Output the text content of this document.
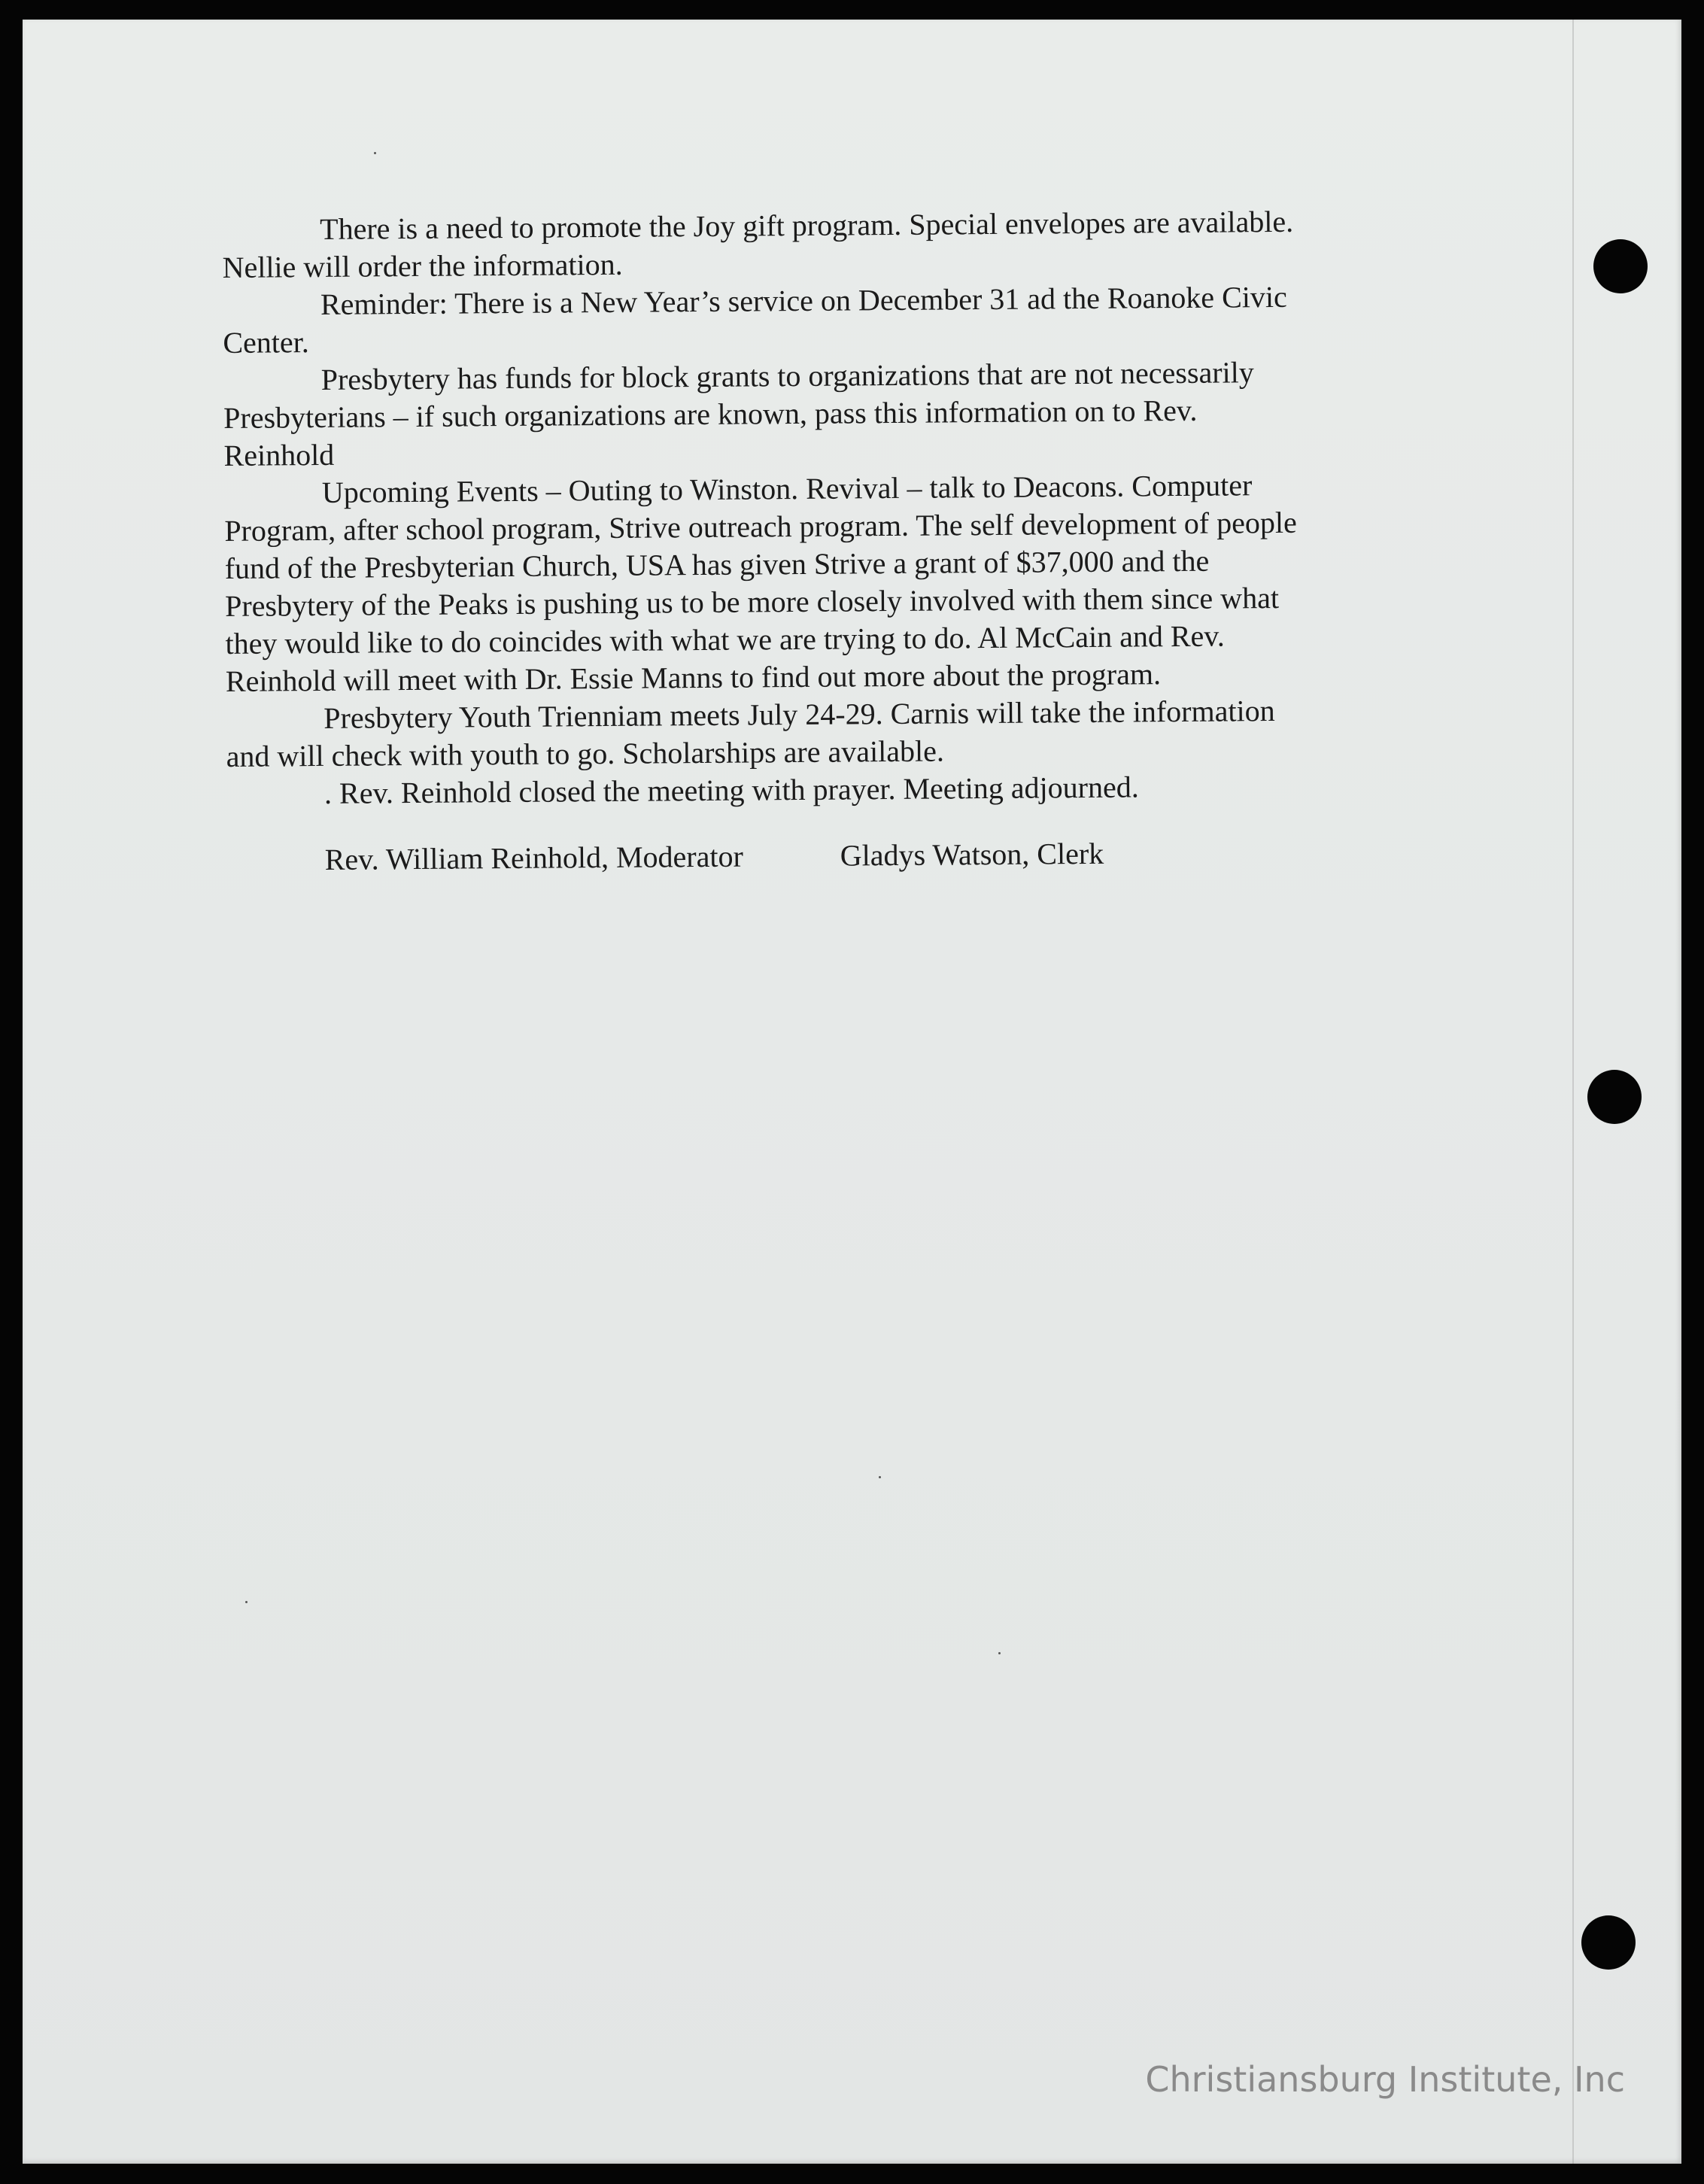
There is a need to promote the Joy gift program. Special envelopes are available.
Nellie will order the information.

Reminder: There is a New Year’s service on December 31 ad the Roanoke Civic
Center.

Presbytery has funds for block grants to organizations that are not necessarily
Presbyterians – if such organizations are known, pass this information on to Rev.
Reinhold

Upcoming Events – Outing to Winston. Revival – talk to Deacons. Computer
Program, after school program, Strive outreach program. The self development of people
fund of the Presbyterian Church, USA has given Strive a grant of $37,000 and the
Presbytery of the Peaks is pushing us to be more closely involved with them since what
they would like to do coincides with what we are trying to do. Al McCain and Rev.
Reinhold will meet with Dr. Essie Manns to find out more about the program.

Presbytery Youth Trienniam meets July 24-29. Carnis will take the information
and will check with youth to go. Scholarships are available.

. Rev. Reinhold closed the meeting with prayer. Meeting adjourned.

Rev. William Reinhold, Moderator	Gladys Watson, Clerk
Christiansburg Institute, Inc
